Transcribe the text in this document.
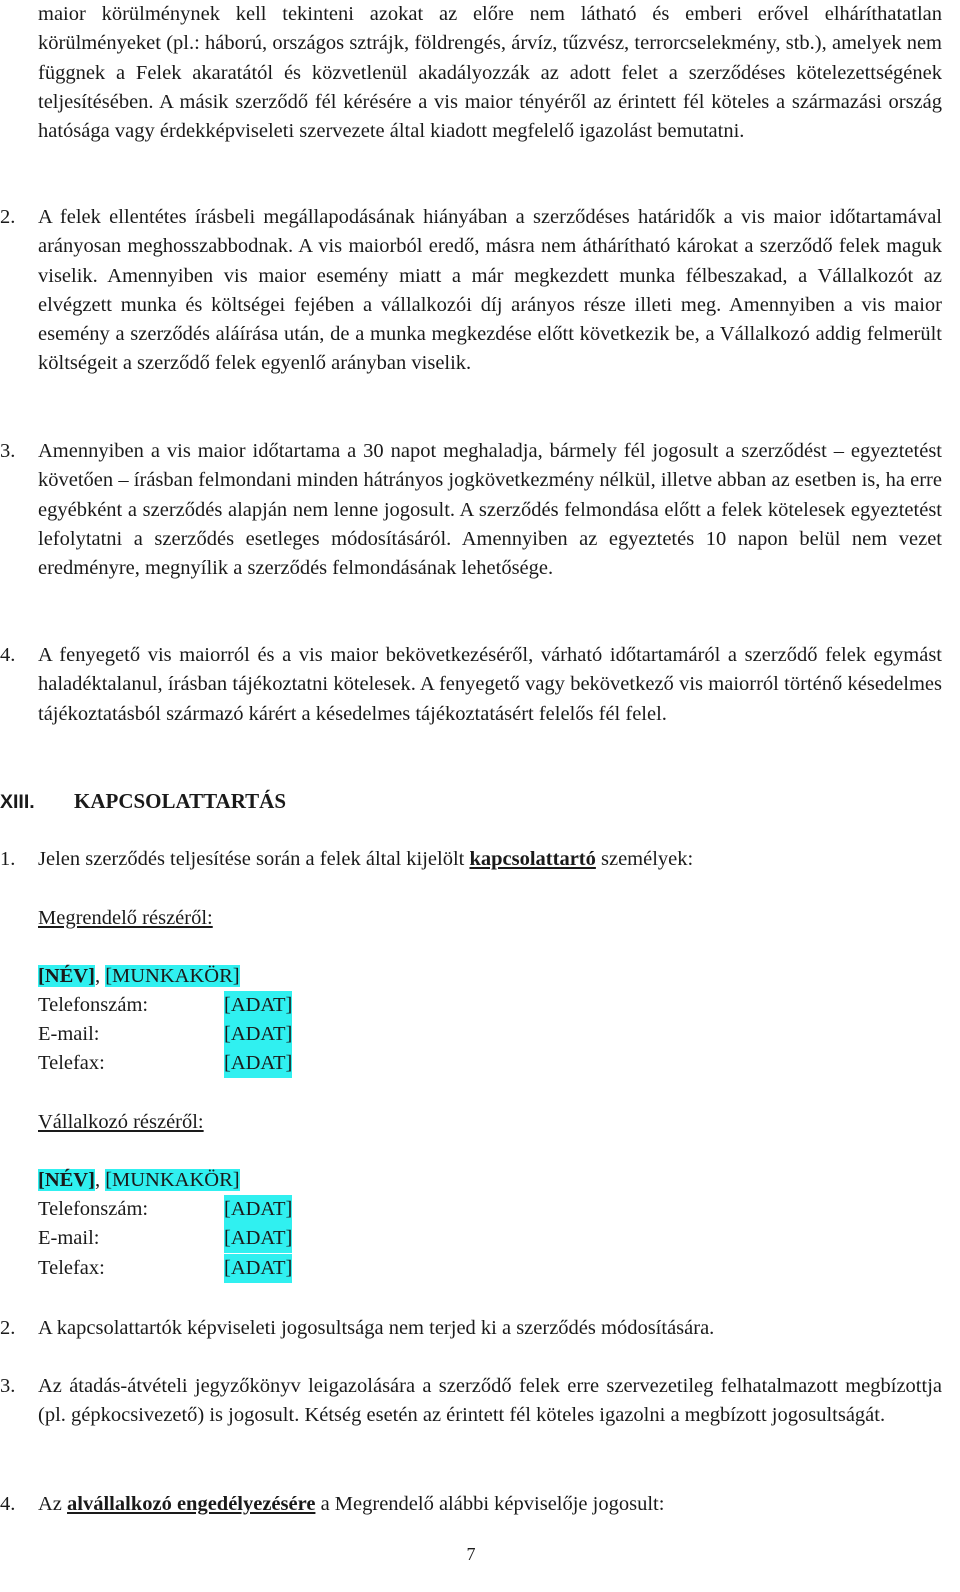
maior körülménynek kell tekinteni azokat az előre nem látható és emberi erővel elháríthatatlan körülményeket (pl.: háború, országos sztrájk, földrengés, árvíz, tűzvész, terrorcselekmény, stb.), amelyek nem függnek a Felek akaratától és közvetlenül akadályozzák az adott felet a szerződéses kötelezettségének teljesítésében. A másik szerződő fél kérésére a vis maior tényéről az érintett fél köteles a származási ország hatósága vagy érdekképviseleti szervezete által kiadott megfelelő igazolást bemutatni.
2.	A felek ellentétes írásbeli megállapodásának hiányában a szerződéses határidők a vis maior időtartamával arányosan meghosszabbodnak. A vis maiorból eredő, másra nem áthárítható károkat a szerződő felek maguk viselik. Amennyiben vis maior esemény miatt a már megkezdett munka félbeszakad, a Vállalkozót az elvégzett munka és költségei fejében a vállalkozói díj arányos része illeti meg. Amennyiben a vis maior esemény a szerződés aláírása után, de a munka megkezdése előtt következik be, a Vállalkozó addig felmerült költségeit a szerződő felek egyenlő arányban viselik.
3.	Amennyiben a vis maior időtartama a 30 napot meghaladja, bármely fél jogosult a szerződést – egyeztetést követően – írásban felmondani minden hátrányos jogkövetkezmény nélkül, illetve abban az esetben is, ha erre egyébként a szerződés alapján nem lenne jogosult. A szerződés felmondása előtt a felek kötelesek egyeztetést lefolytatni a szerződés esetleges módosításáról. Amennyiben az egyeztetés 10 napon belül nem vezet eredményre, megnyílik a szerződés felmondásának lehetősége.
4.	A fenyegető vis maiorról és a vis maior bekövetkezéséről, várható időtartamáról a szerződő felek egymást haladéktalanul, írásban tájékoztatni kötelesek. A fenyegető vagy bekövetkező vis maiorról történő késedelmes tájékoztatásból származó kárért a késedelmes tájékoztatásért felelős fél felel.
XIII. KAPCSOLATTARTÁS
1.	Jelen szerződés teljesítése során a felek által kijelölt kapcsolattartó személyek:
Megrendelő részéről:
[NÉV], [MUNKAKÖR]
Telefonszám:	[ADAT]
E-mail:	[ADAT]
Telefax:	[ADAT]
Vállalkozó részéről:
[NÉV], [MUNKAKÖR]
Telefonszám:	[ADAT]
E-mail:	[ADAT]
Telefax:	[ADAT]
2.	A kapcsolattartók képviseleti jogosultsága nem terjed ki a szerződés módosítására.
3.	Az átadás-átvételi jegyzőkönyv leigazolására a szerződő felek erre szervezetileg felhatalmazott megbízottja (pl. gépkocsivezető) is jogosult. Kétség esetén az érintett fél köteles igazolni a megbízott jogosultságát.
4.	Az alvállalkozó engedélyezésére a Megrendelő alábbi képviselője jogosult:
7
